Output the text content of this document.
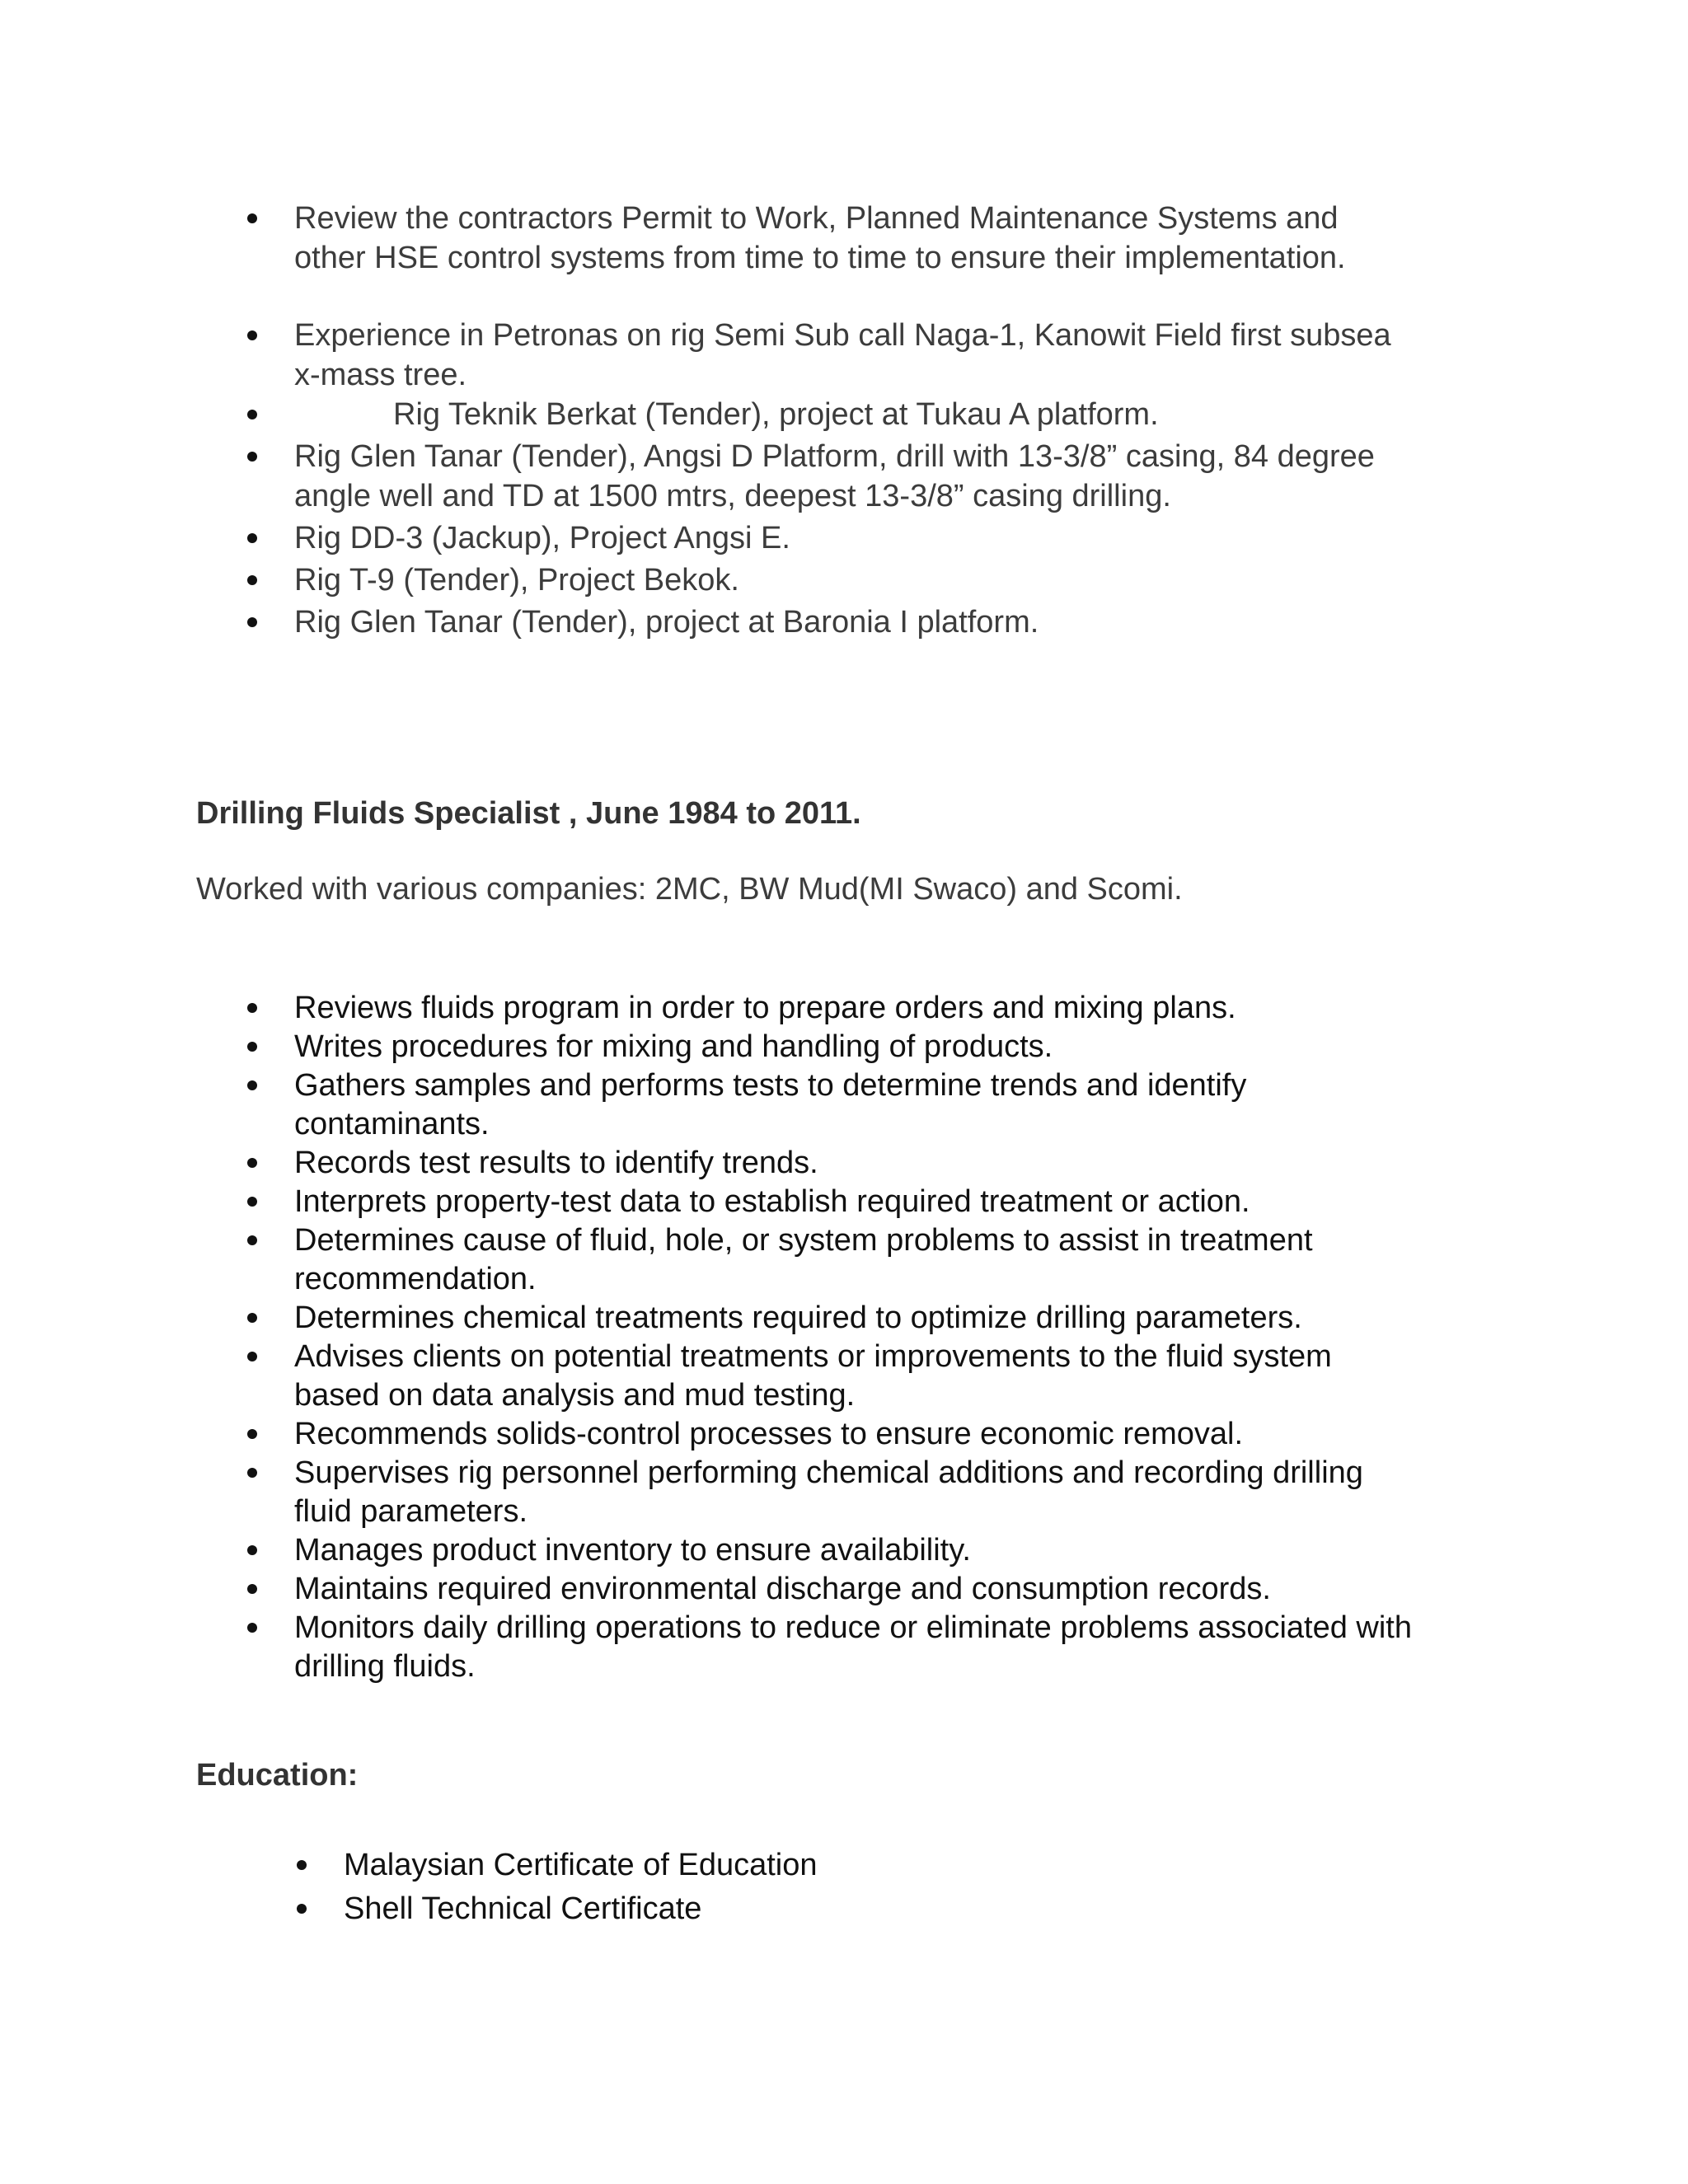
Review the contractors Permit to Work, Planned Maintenance Systems and
other HSE control systems from time to time to ensure their implementation.
Experience in Petronas on rig Semi Sub call Naga-1, Kanowit Field first subsea
x-mass tree.
Rig Teknik Berkat (Tender), project at Tukau A platform.
Rig Glen Tanar (Tender), Angsi D Platform, drill with 13-3/8” casing, 84 degree
angle well and TD at 1500 mtrs, deepest 13-3/8” casing drilling.
Rig DD-3 (Jackup), Project Angsi E.
Rig T-9 (Tender), Project Bekok.
Rig Glen Tanar (Tender), project at Baronia I platform.
Drilling Fluids Specialist , June 1984 to 2011.
Worked with various companies: 2MC, BW Mud(MI Swaco) and Scomi.
Reviews fluids program in order to prepare orders and mixing plans.
Writes procedures for mixing and handling of products.
Gathers samples and performs tests to determine trends and identify
contaminants.
Records test results to identify trends.
Interprets property-test data to establish required treatment or action.
Determines cause of fluid, hole, or system problems to assist in treatment
recommendation.
Determines chemical treatments required to optimize drilling parameters.
Advises clients on potential treatments or improvements to the fluid system
based on data analysis and mud testing.
Recommends solids-control processes to ensure economic removal.
Supervises rig personnel performing chemical additions and recording drilling
fluid parameters.
Manages product inventory to ensure availability.
Maintains required environmental discharge and consumption records.
Monitors daily drilling operations to reduce or eliminate problems associated with
drilling fluids.
Education:
Malaysian Certificate of Education
Shell Technical Certificate
